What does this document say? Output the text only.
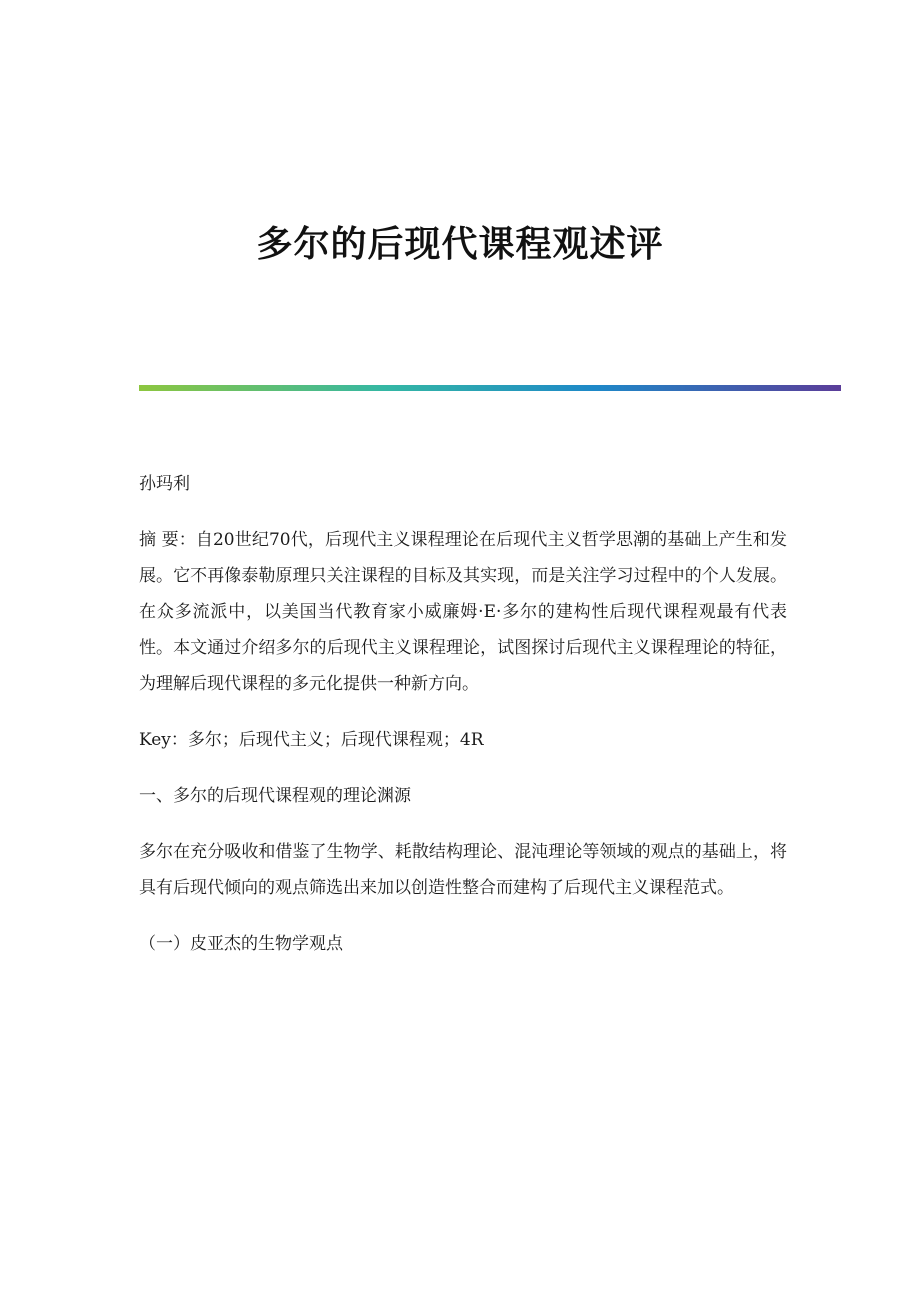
多尔的后现代课程观述评

孙玛利

摘 要：自20世纪70代，后现代主义课程理论在后现代主义哲学思潮的基础上产生和发展。它不再像泰勒原理只关注课程的目标及其实现，而是关注学习过程中的个人发展。在众多流派中，以美国当代教育家小威廉姆·E·多尔的建构性后现代课程观最有代表性。本文通过介绍多尔的后现代主义课程理论，试图探讨后现代主义课程理论的特征，为理解后现代课程的多元化提供一种新方向。

Key：多尔；后现代主义；后现代课程观；4R

一、多尔的后现代课程观的理论渊源

多尔在充分吸收和借鉴了生物学、耗散结构理论、混沌理论等领域的观点的基础上，将具有后现代倾向的观点筛选出来加以创造性整合而建构了后现代主义课程范式。

（一）皮亚杰的生物学观点
